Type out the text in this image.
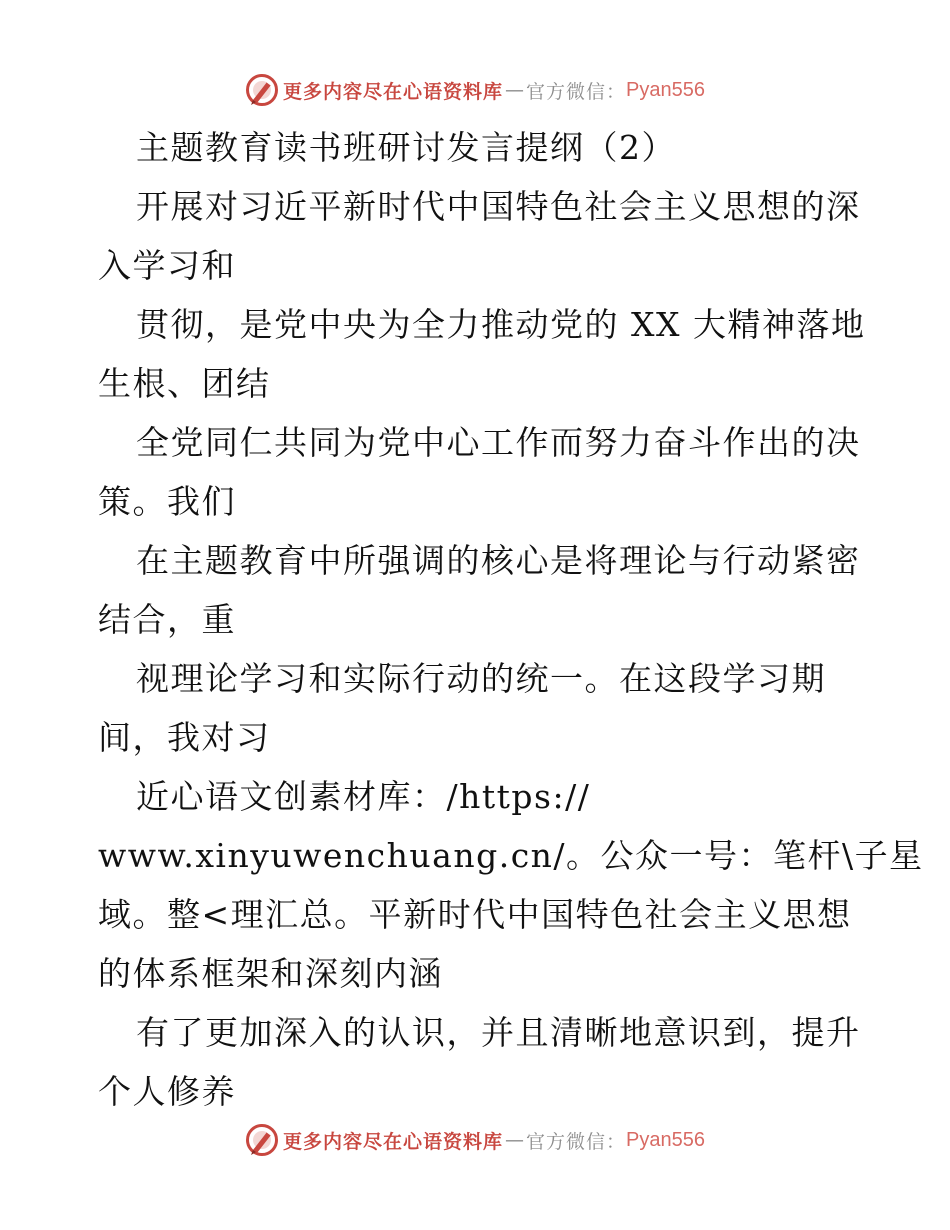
更多内容尽在心语资料库 — 官方微信： Pyan556
主题教育读书班研讨发言提纲（2）
开展对习近平新时代中国特色社会主义思想的深
入学习和
贯彻，是党中央为全力推动党的 XX 大精神落地
生根、团结
全党同仁共同为党中心工作而努力奋斗作出的决
策。我们
在主题教育中所强调的核心是将理论与行动紧密
结合，重
视理论学习和实际行动的统一。在这段学习期
间，我对习
近心语文创素材库：/https://
www.xinyuwenchuang.cn/。公众一号：笔杆\子星
域。整<理汇总。平新时代中国特色社会主义思想
的体系框架和深刻内涵
有了更加深入的认识，并且清晰地意识到，提升
个人修养
更多内容尽在心语资料库 — 官方微信： Pyan556
